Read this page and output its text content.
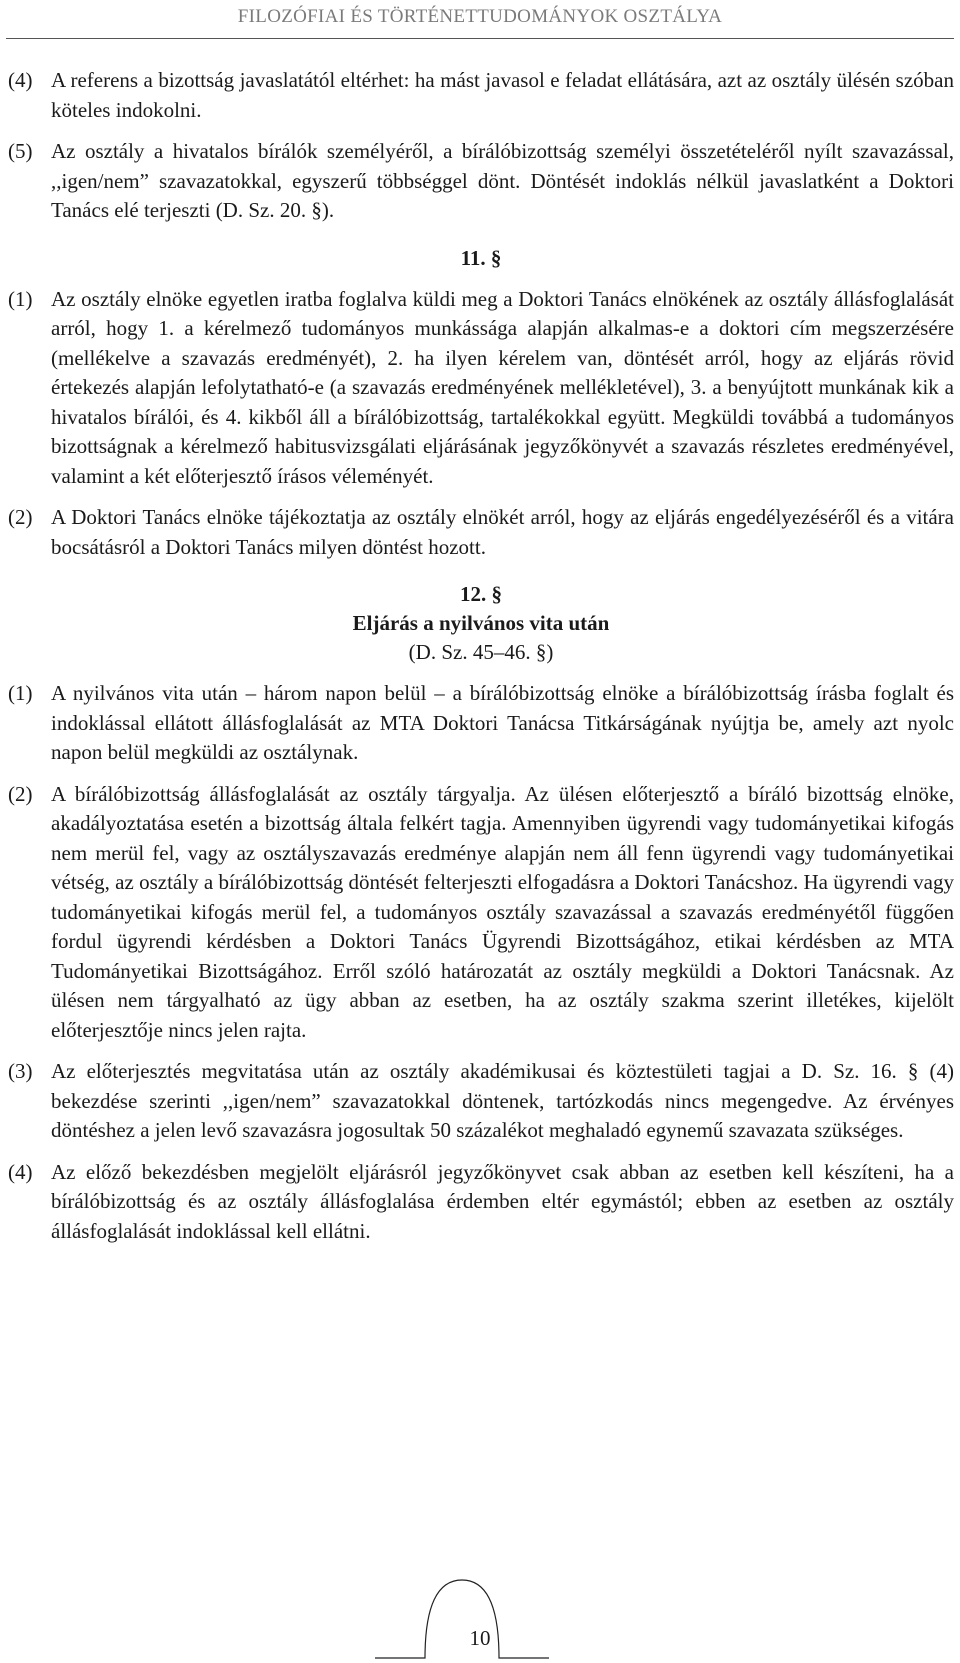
FILOZÓFIAI ÉS TÖRTÉNETTUDOMÁNYOK OSZTÁLYA
(4) A referens a bizottság javaslatától eltérhet: ha mást javasol e feladat ellátására, azt az osztály ülésén szóban köteles indokolni.
(5) Az osztály a hivatalos bírálók személyéről, a bírálóbizottság személyi összetételéről nyílt szavazással, ,,igen/nem” szavazatokkal, egyszerű többséggel dönt. Döntését indoklás nélkül javaslatként a Doktori Tanács elé terjeszti (D. Sz. 20. §).
11. §
(1) Az osztály elnöke egyetlen iratba foglalva küldi meg a Doktori Tanács elnökének az osztály állásfoglalását arról, hogy 1. a kérelmező tudományos munkássága alapján alkalmas-e a doktori cím megszerzésére (mellékelve a szavazás eredményét), 2. ha ilyen kérelem van, döntését arról, hogy az eljárás rövid értekezés alapján lefolytatható-e (a szavazás eredményének mellékletével), 3. a benyújtott munkának kik a hivatalos bírálói, és 4. kikből áll a bírálóbizottság, tartalékokkal együtt. Megküldi továbbá a tudományos bizottságnak a kérelmező habitusvizsgálati eljárásának jegyzőkönyvét a szavazás részletes eredményével, valamint a két előterjesztő írásos véleményét.
(2) A Doktori Tanács elnöke tájékoztatja az osztály elnökét arról, hogy az eljárás engedélyezéséről és a vitára bocsátásról a Doktori Tanács milyen döntést hozott.
12. §
Eljárás a nyilvános vita után
(D. Sz. 45–46. §)
(1) A nyilvános vita után – három napon belül – a bírálóbizottság elnöke a bírálóbizottság írásba foglalt és indoklással ellátott állásfoglalását az MTA Doktori Tanácsa Titkárságának nyújtja be, amely azt nyolc napon belül megküldi az osztálynak.
(2) A bírálóbizottság állásfoglalását az osztály tárgyalja. Az ülésen előterjesztő a bíráló bizottság elnöke, akadályoztatása esetén a bizottság általa felkért tagja. Amennyiben ügyrendi vagy tudományetikai kifogás nem merül fel, vagy az osztályszavazás eredménye alapján nem áll fenn ügyrendi vagy tudományetikai vétség, az osztály a bírálóbizottság döntését felterjeszti elfogadásra a Doktori Tanácshoz. Ha ügyrendi vagy tudományetikai kifogás merül fel, a tudományos osztály szavazással a szavazás eredményétől függően fordul ügyrendi kérdésben a Doktori Tanács Ügyrendi Bizottságához, etikai kérdésben az MTA Tudományetikai Bizottságához. Erről szóló határozatát az osztály megküldi a Doktori Tanácsnak. Az ülésen nem tárgyalható az ügy abban az esetben, ha az osztály szakma szerint illetékes, kijelölt előterjesztője nincs jelen rajta.
(3) Az előterjesztés megvitatása után az osztály akadémikusai és köztestületi tagjai a D. Sz. 16. § (4) bekezdése szerinti ,,igen/nem” szavazatokkal döntenek, tartózkodás nincs megengedve. Az érvényes döntéshez a jelen levő szavazásra jogosultak 50 százalékot meghaladó egynemű szavazata szükséges.
(4) Az előző bekezdésben megjelölt eljárásról jegyzőkönyvet csak abban az esetben kell készíteni, ha a bírálóbizottság és az osztály állásfoglalása érdemben eltér egymástól; ebben az esetben az osztály állásfoglalását indoklással kell ellátni.
10
